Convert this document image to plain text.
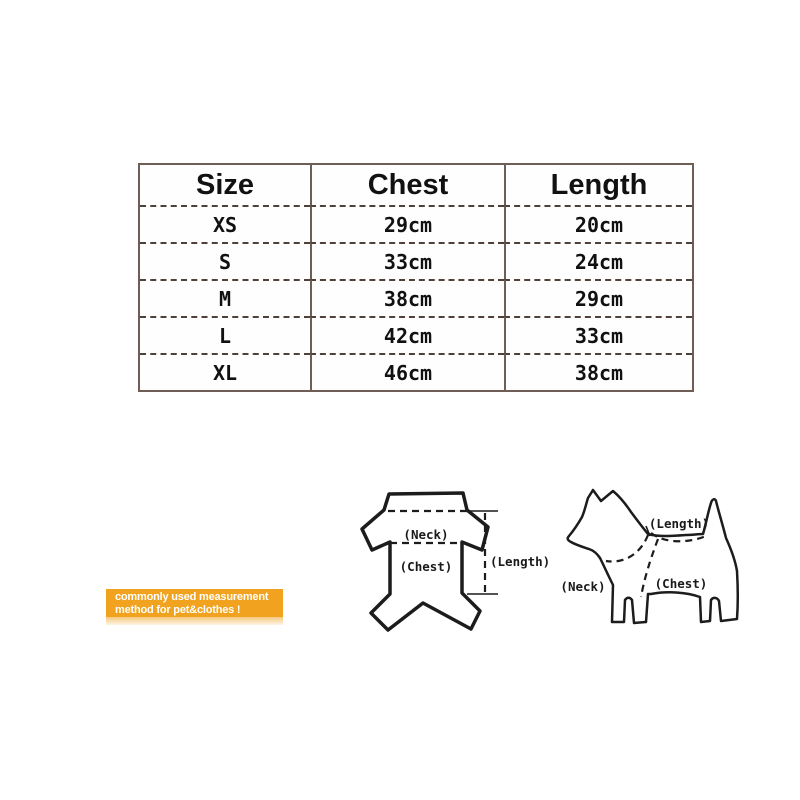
Size	Chest	Length
XS	29cm	20cm
S	33cm	24cm
M	38cm	29cm
L	42cm	33cm
XL	46cm	38cm
commonly used measurement
method for pet&clothes !
(Neck)
(Chest)	(Length)
(Length)
(Neck)	(Chest)
